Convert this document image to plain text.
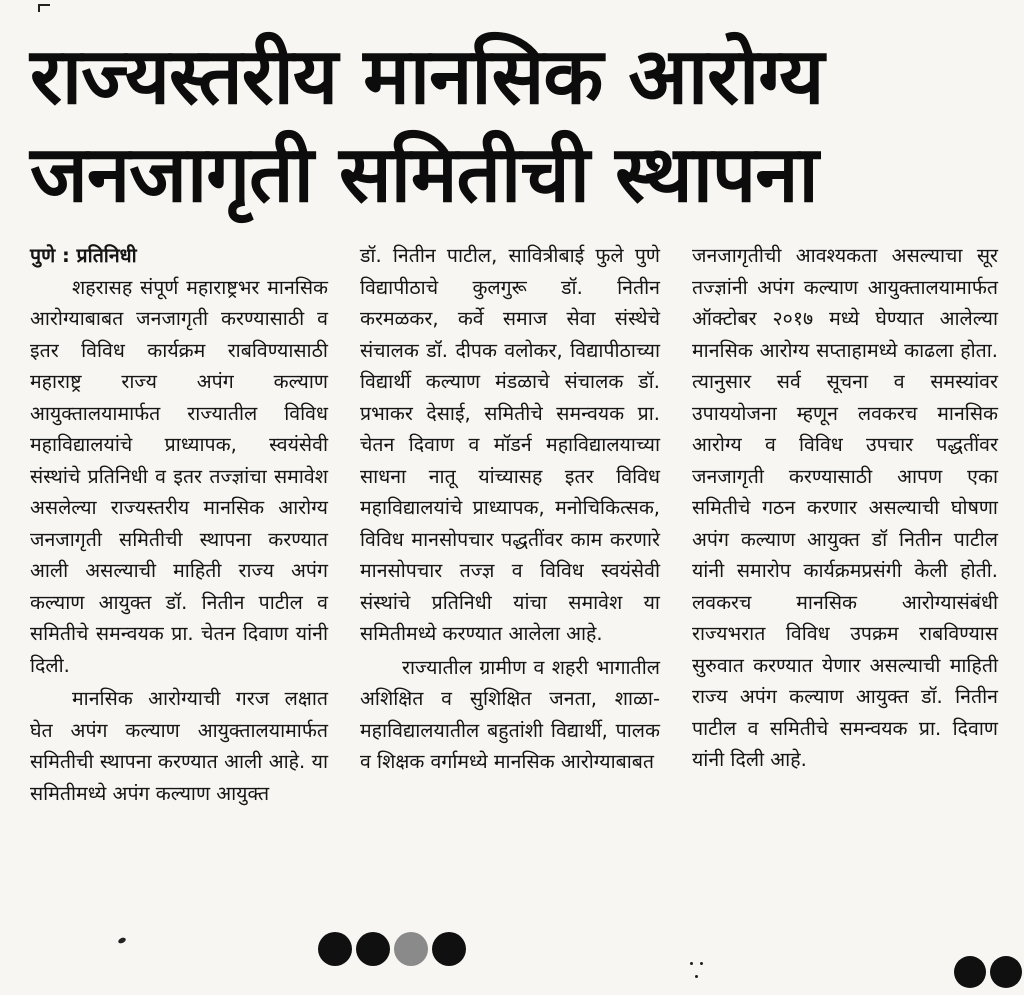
राज्यस्तरीय मानसिक आरोग्य
जनजागृती समितीची स्थापना

पुणे : प्रतिनिधी

शहरासह संपूर्ण महाराष्ट्रभर मानसिक आरोग्याबाबत जनजागृती करण्यासाठी व इतर विविध कार्यक्रम राबविण्यासाठी महाराष्ट्र राज्य अपंग कल्याण आयुक्तालयामार्फत राज्यातील विविध महाविद्यालयांचे प्राध्यापक, स्वयंसेवी संस्थांचे प्रतिनिधी व इतर तज्ज्ञांचा समावेश असलेल्या राज्यस्तरीय मानसिक आरोग्य जनजागृती समितीची स्थापना करण्यात आली असल्याची माहिती राज्य अपंग कल्याण आयुक्त डॉ. नितीन पाटील व समितीचे समन्वयक प्रा. चेतन दिवाण यांनी दिली.

मानसिक आरोग्याची गरज लक्षात घेत अपंग कल्याण आयुक्तालयामार्फत समितीची स्थापना करण्यात आली आहे. या समितीमध्ये अपंग कल्याण आयुक्त

डॉ. नितीन पाटील, सावित्रीबाई फुले पुणे विद्यापीठाचे कुलगुरू डॉ. नितीन करमळकर, कर्वे समाज सेवा संस्थेचे संचालक डॉ. दीपक वलोकर, विद्यापीठाच्या विद्यार्थी कल्याण मंडळाचे संचालक डॉ. प्रभाकर देसाई, समितीचे समन्वयक प्रा. चेतन दिवाण व मॉडर्न महाविद्यालयाच्या साधना नातू यांच्यासह इतर विविध महाविद्यालयांचे प्राध्यापक, मनोचिकित्सक, विविध मानसोपचार पद्धतींवर काम करणारे मानसोपचार तज्ज्ञ व विविध स्वयंसेवी संस्थांचे प्रतिनिधी यांचा समावेश या समितीमध्ये करण्यात आलेला आहे.

राज्यातील ग्रामीण व शहरी भागातील अशिक्षित व सुशिक्षित जनता, शाळा- महाविद्यालयातील बहुतांशी विद्यार्थी, पालक व शिक्षक वर्गामध्ये मानसिक आरोग्याबाबत

जनजागृतीची आवश्यकता असल्याचा सूर तज्ज्ञांनी अपंग कल्याण आयुक्तालयामार्फत ऑक्टोबर २०१७ मध्ये घेण्यात आलेल्या मानसिक आरोग्य सप्ताहामध्ये काढला होता. त्यानुसार सर्व सूचना व समस्यांवर उपाययोजना म्हणून लवकरच मानसिक आरोग्य व विविध उपचार पद्धतींवर जनजागृती करण्यासाठी आपण एका समितीचे गठन करणार असल्याची घोषणा अपंग कल्याण आयुक्त डॉ नितीन पाटील यांनी समारोप कार्यक्रमप्रसंगी केली होती. लवकरच मानसिक आरोग्यासंबंधी राज्यभरात विविध उपक्रम राबविण्यास सुरुवात करण्यात येणार असल्याची माहिती राज्य अपंग कल्याण आयुक्त डॉ. नितीन पाटील व समितीचे समन्वयक प्रा. दिवाण यांनी दिली आहे.
